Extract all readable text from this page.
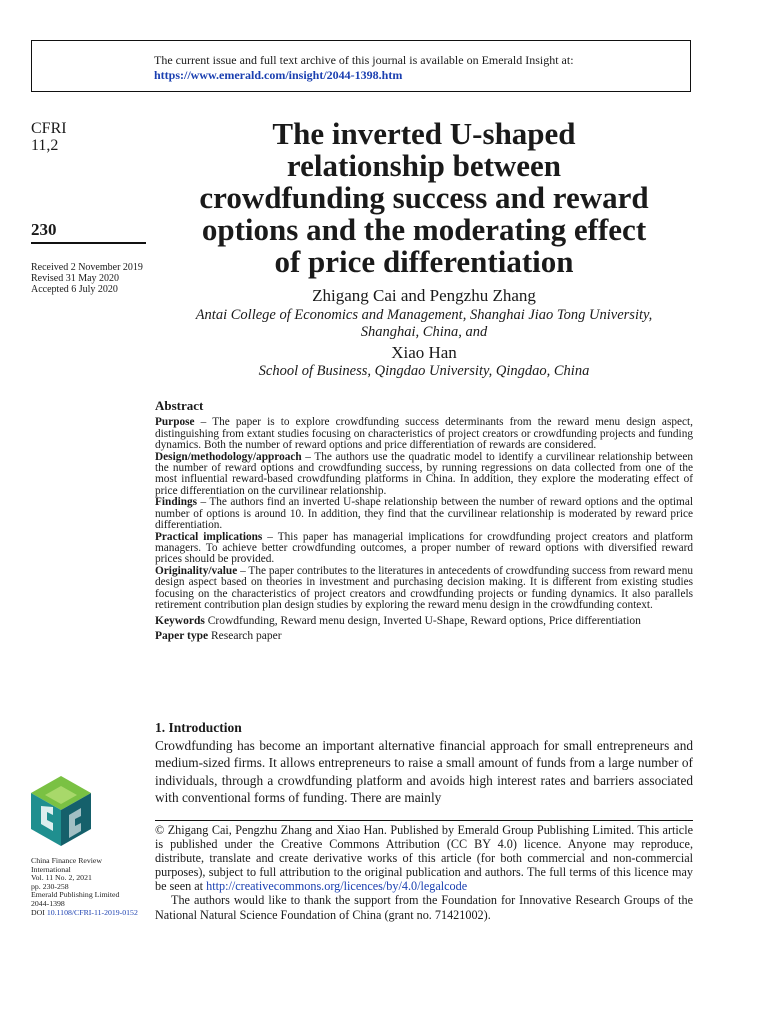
The current issue and full text archive of this journal is available on Emerald Insight at:
https://www.emerald.com/insight/2044-1398.htm
CFRI
11,2
230
Received 2 November 2019
Revised 31 May 2020
Accepted 6 July 2020
The inverted U-shaped
relationship between
crowdfunding success and reward
options and the moderating effect
of price differentiation
Zhigang Cai and Pengzhu Zhang
Antai College of Economics and Management, Shanghai Jiao Tong University,
Shanghai, China, and
Xiao Han
School of Business, Qingdao University, Qingdao, China
Abstract

Purpose – The paper is to explore crowdfunding success determinants from the reward menu design aspect, distinguishing from extant studies focusing on characteristics of project creators or crowdfunding projects and funding dynamics. Both the number of reward options and price differentiation of rewards are considered.

Design/methodology/approach – The authors use the quadratic model to identify a curvilinear relationship between the number of reward options and crowdfunding success, by running regressions on data collected from one of the most influential reward-based crowdfunding platforms in China. In addition, they explore the moderating effect of price differentiation on the curvilinear relationship.

Findings – The authors find an inverted U-shape relationship between the number of reward options and the optimal number of options is around 10. In addition, they find that the curvilinear relationship is moderated by reward price differentiation.

Practical implications – This paper has managerial implications for crowdfunding project creators and platform managers. To achieve better crowdfunding outcomes, a proper number of reward options with diversified reward prices should be provided.

Originality/value – The paper contributes to the literatures in antecedents of crowdfunding success from reward menu design aspect based on theories in investment and purchasing decision making. It is different from existing studies focusing on the characteristics of project creators and crowdfunding projects or funding dynamics. It also parallels retirement contribution plan design studies by exploring the reward menu design in the crowdfunding context.

Keywords Crowdfunding, Reward menu design, Inverted U-Shape, Reward options, Price differentiation
Paper type Research paper
1. Introduction
Crowdfunding has become an important alternative financial approach for small entrepreneurs and medium-sized firms. It allows entrepreneurs to raise a small amount of funds from a large number of individuals, through a crowdfunding platform and avoids high interest rates and barriers associated with conventional forms of funding. There are mainly

© Zhigang Cai, Pengzhu Zhang and Xiao Han. Published by Emerald Group Publishing Limited. This article is published under the Creative Commons Attribution (CC BY 4.0) licence. Anyone may reproduce, distribute, translate and create derivative works of this article (for both commercial and non-commercial purposes), subject to full attribution to the original publication and authors. The full terms of this licence may be seen at http://creativecommons.org/licences/by/4.0/legalcode

The authors would like to thank the support from the Foundation for Innovative Research Groups of the National Natural Science Foundation of China (grant no. 71421002).

China Finance Review
International
Vol. 11 No. 2, 2021
pp. 230-258
Emerald Publishing Limited
2044-1398
DOI 10.1108/CFRI-11-2019-0152
